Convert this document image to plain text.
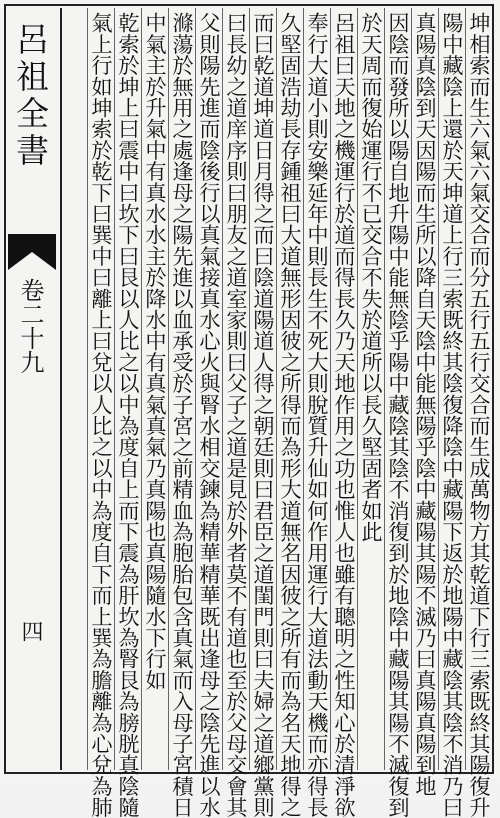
呂祖全書
卷二十九
四	坤相索而生六氣六氣交合而分五行五行交合而生成萬物方其乾道下行三索既終其陽復升
陽中藏陰上還於天坤道上行三索既終其陰復降陰中藏陽下返於地陽中藏陰其陰不消乃曰
真陽真陰到天因陽而生所以降自天陰中能無陽乎陰中藏陽其陽不滅乃曰真陽真陽到地
因陰而發所以陽自地升陽中能無陰乎陽中藏陰其陰不消復到於地陰中藏陽其陽不滅復到
於天周而復始運行不已交合不失於道所以長久堅固者如此
呂祖曰天地之機運行於道而得長久乃天地作用之功也惟人也雖有聰明之性知心於清淨欲
奉行大道小則安樂延年中則長生不死大則脫質升仙如何作用運行大道法動天機而亦得長
久堅固浩劫長存鍾祖曰大道無形因彼之所得而為形大道無名因彼之所有而為名天地得之
而曰乾道坤道日月得之而曰陰道陽道人得之朝廷則曰君臣之道閨門則曰夫婦之道鄉黨則
曰長幼之道庠序則曰朋友之道室家則曰父子之道是見於外者莫不有道也至於父母交會其
父則陽先進而陰後行以真氣接真水心火與腎水相交鍊為精華精華既出逢母之陰先進以水
滌蕩於無用之處逢母之陽先進以血承受於子宮之前精血為胞胎包含真氣而入母子宮積日
中氣主於升氣中有真水水主於降水中有真氣真氣乃真陽也真陽隨水下行如
乾索於坤上曰震中曰坎下曰艮以人比之以中為度自上而下震為肝坎為腎艮為膀胱真陰隨
氣上行如坤索於乾下曰巽中曰離上曰兌以人比之以中為度自下而上巽為膽離為心兌為肺
